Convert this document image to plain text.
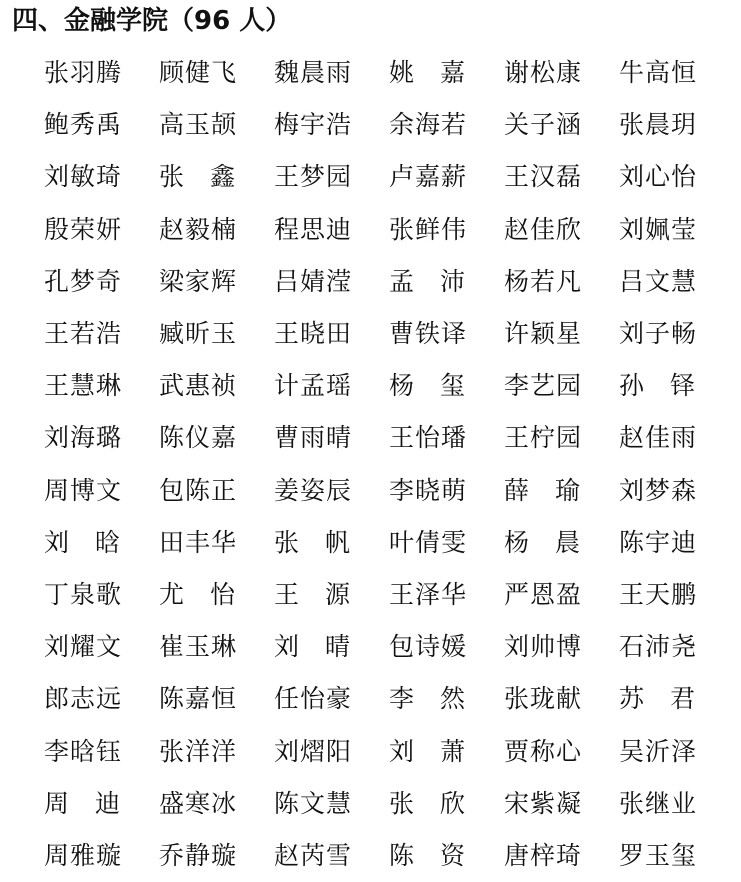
四、金融学院（96 人）
张羽腾	顾健飞	魏晨雨	姚 嘉	谢松康	牛高恒
鲍秀禹	高玉颉	梅宇浩	余海若	关子涵	张晨玥
刘敏琦	张 鑫	王梦园	卢嘉薪	王汉磊	刘心怡
殷荣妍	赵毅楠	程思迪	张鲜伟	赵佳欣	刘姵莹
孔梦奇	梁家辉	吕婧滢	孟 沛	杨若凡	吕文慧
王若浩	臧昕玉	王晓田	曹铁译	许颖星	刘子畅
王慧琳	武惠祯	计孟瑶	杨 玺	李艺园	孙 铎
刘海璐	陈仪嘉	曹雨晴	王怡璠	王柠园	赵佳雨
周博文	包陈正	姜姿辰	李晓萌	薛 瑜	刘梦森
刘 晗	田丰华	张 帆	叶倩雯	杨 晨	陈宇迪
丁泉歌	尤 怡	王 源	王泽华	严恩盈	王天鹏
刘耀文	崔玉琳	刘 晴	包诗媛	刘帅博	石沛尧
郎志远	陈嘉恒	任怡豪	李 然	张珑献	苏 君
李晗钰	张洋洋	刘熠阳	刘 萧	贾称心	吴沂泽
周 迪	盛寒冰	陈文慧	张 欣	宋紫凝	张继业
周雅璇	乔静璇	赵芮雪	陈 资	唐梓琦	罗玉玺
